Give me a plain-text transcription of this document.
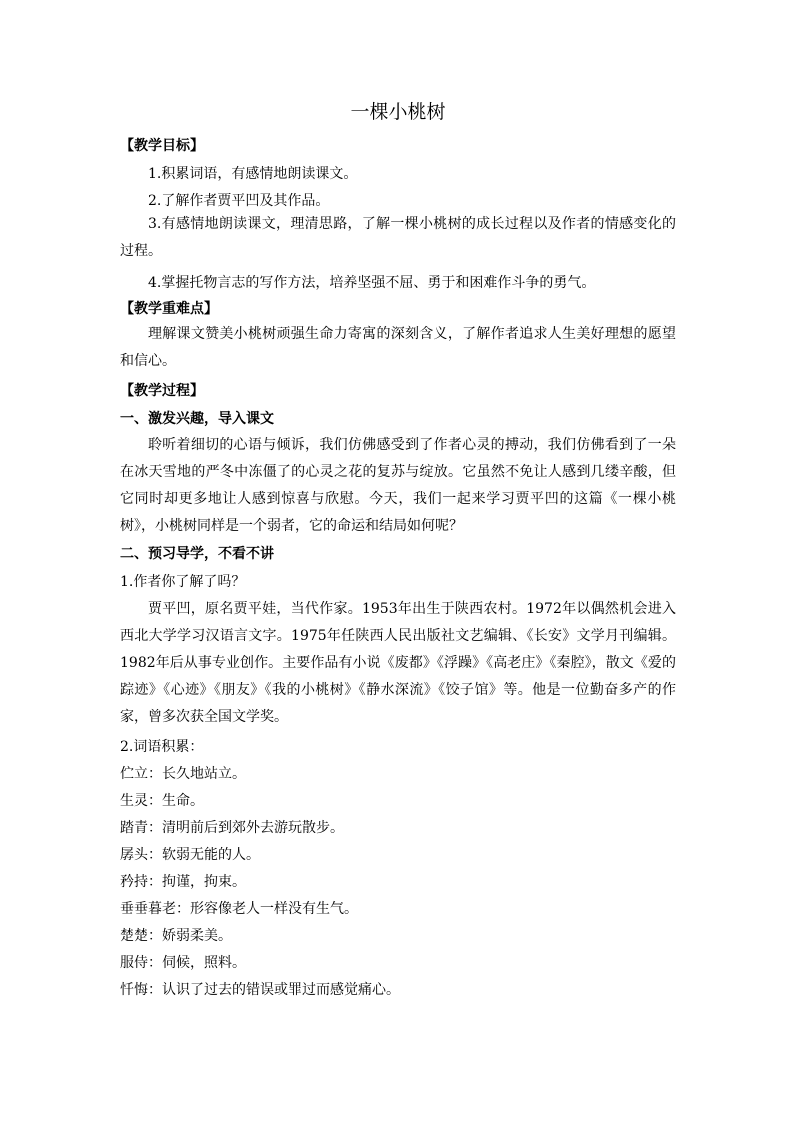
一棵小桃树
【教学目标】
1.积累词语，有感情地朗读课文。
2.了解作者贾平凹及其作品。
3.有感情地朗读课文，理清思路，了解一棵小桃树的成长过程以及作者的情感变化的过程。
4.掌握托物言志的写作方法，培养坚强不屈、勇于和困难作斗争的勇气。
【教学重难点】
理解课文赞美小桃树顽强生命力寄寓的深刻含义，了解作者追求人生美好理想的愿望和信心。
【教学过程】
一、激发兴趣，导入课文
聆听着细切的心语与倾诉，我们仿佛感受到了作者心灵的搏动，我们仿佛看到了一朵在冰天雪地的严冬中冻僵了的心灵之花的复苏与绽放。它虽然不免让人感到几缕辛酸，但它同时却更多地让人感到惊喜与欣慰。今天，我们一起来学习贾平凹的这篇《一棵小桃树》，小桃树同样是一个弱者，它的命运和结局如何呢？
二、预习导学，不看不讲
1.作者你了解了吗？
贾平凹，原名贾平娃，当代作家。1953年出生于陕西农村。1972年以偶然机会进入西北大学学习汉语言文字。1975年任陕西人民出版社文艺编辑、《长安》文学月刊编辑。1982年后从事专业创作。主要作品有小说《废都》《浮躁》《高老庄》《秦腔》，散文《爱的踪迹》《心迹》《朋友》《我的小桃树》《静水深流》《饺子馆》等。他是一位勤奋多产的作家，曾多次获全国文学奖。
2.词语积累：
伫立：长久地站立。
生灵：生命。
踏青：清明前后到郊外去游玩散步。
孱头：软弱无能的人。
矜持：拘谨，拘束。
垂垂暮老：形容像老人一样没有生气。
楚楚：娇弱柔美。
服侍：伺候，照料。
忏悔：认识了过去的错误或罪过而感觉痛心。
